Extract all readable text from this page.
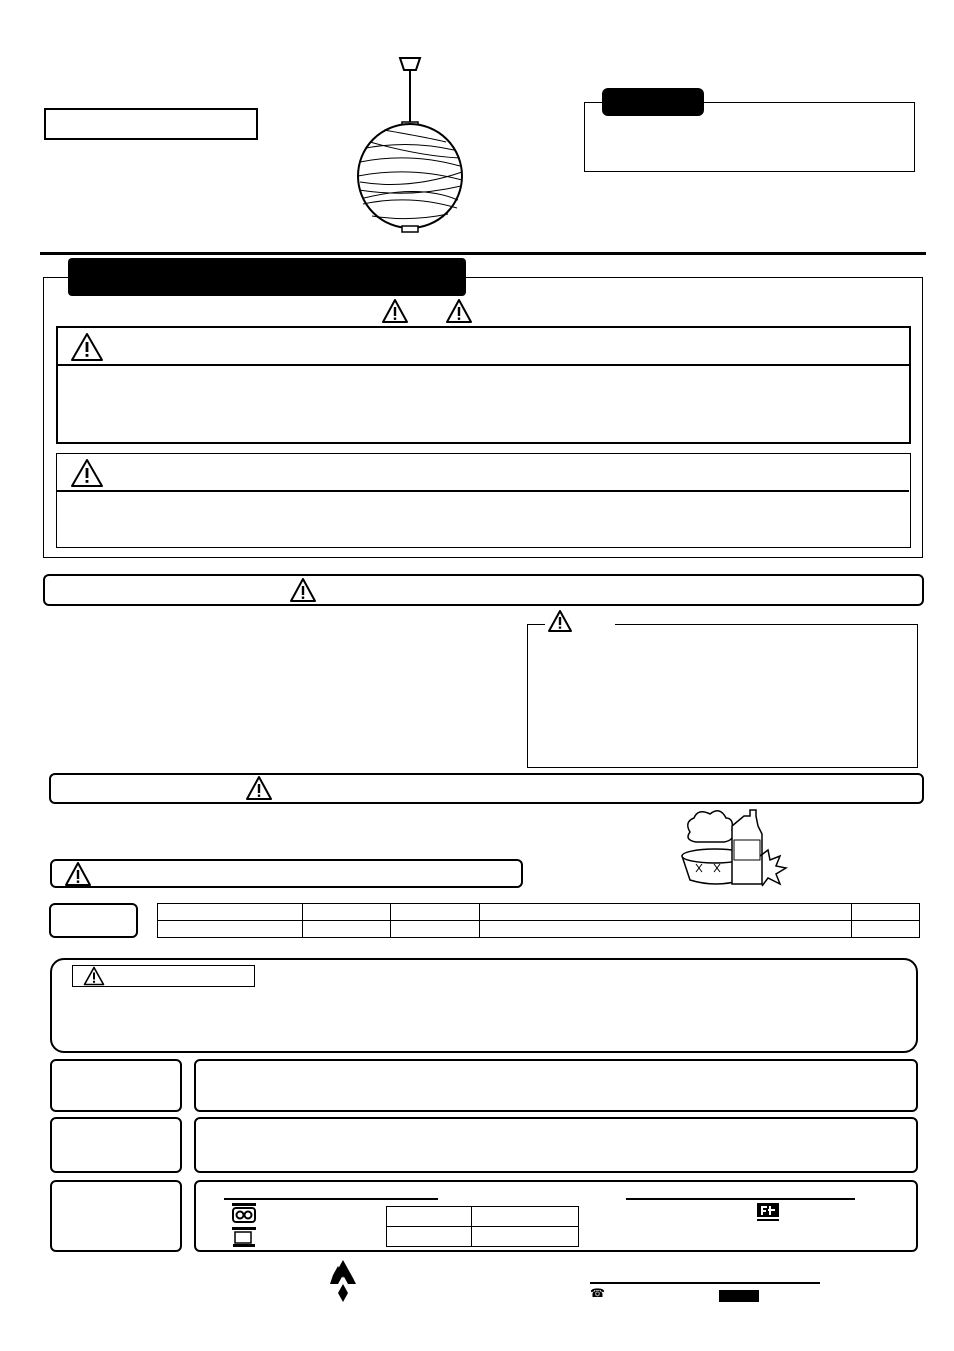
☎
